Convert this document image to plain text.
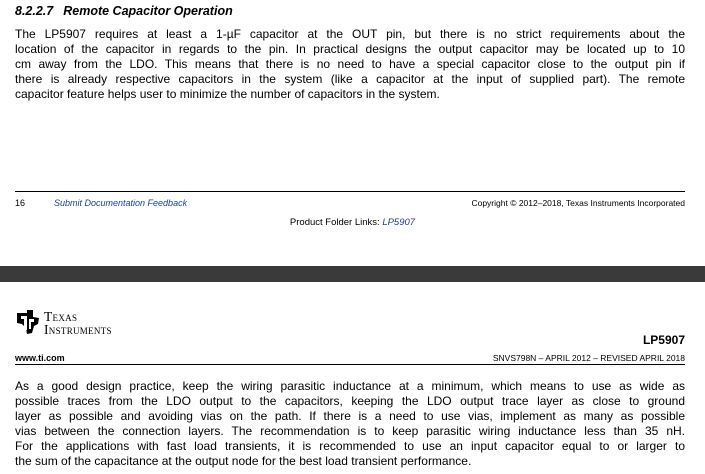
8.2.2.7 Remote Capacitor Operation

The LP5907 requires at least a 1-µF capacitor at the OUT pin, but there is no strict requirements about the
location of the capacitor in regards to the pin. In practical designs the output capacitor may be located up to 10
cm away from the LDO. This means that there is no need to have a special capacitor close to the output pin if
there is already respective capacitors in the system (like a capacitor at the input of supplied part). The remote
capacitor feature helps user to minimize the number of capacitors in the system.

16	Submit Documentation Feedback	Copyright © 2012–2018, Texas Instruments Incorporated
Product Folder Links: LP5907
Texas
Instruments
LP5907
www.ti.com	SNVS798N – APRIL 2012 – REVISED APRIL 2018

As a good design practice, keep the wiring parasitic inductance at a minimum, which means to use as wide as
possible traces from the LDO output to the capacitors, keeping the LDO output trace layer as close to ground
layer as possible and avoiding vias on the path. If there is a need to use vias, implement as many as possible
vias between the connection layers. The recommendation is to keep parasitic wiring inductance less than 35 nH.
For the applications with fast load transients, it is recommended to use an input capacitor equal to or larger to
the sum of the capacitance at the output node for the best load transient performance.
